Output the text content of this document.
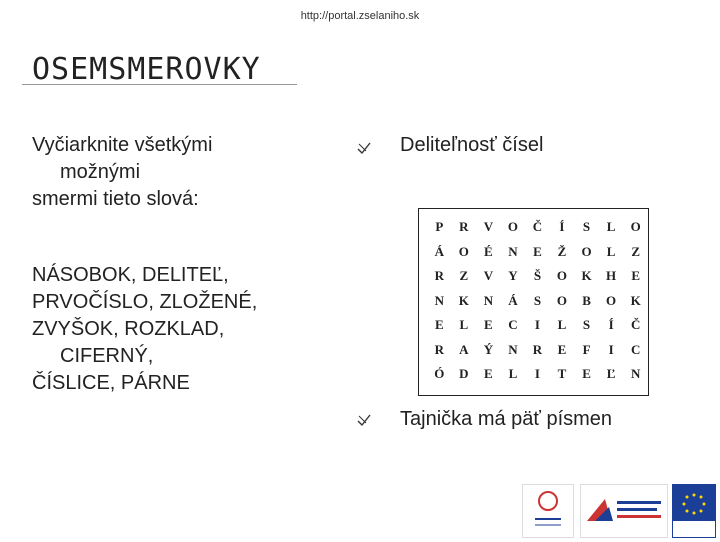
http://portal.zselaniho.sk
OSEMSMEROVKY
Vyčiarknite všetkými
možnými
smermi tieto slová:
NÁSOBOK, DELITEĽ,
PRVOČÍSLO, ZLOŽENÉ,
ZVYŠOK, ROZKLAD,
CIFERNÝ,
ČÍSLICE, PÁRNE
Deliteľnosť čísel
P	R	V	O	Č	Í	S	L	O
Á	O	É	N	E	Ž	O	L	Z
R	Z	V	Y	Š	O	K	H	E
N	K	N	Á	S	O	B	O	K
E	L	E	C	I	L	S	Í	Č
R	A	Ý	N	R	E	F	I	C
Ó	D	E	L	I	T	E	Ľ	N
Tajnička má päť písmen
